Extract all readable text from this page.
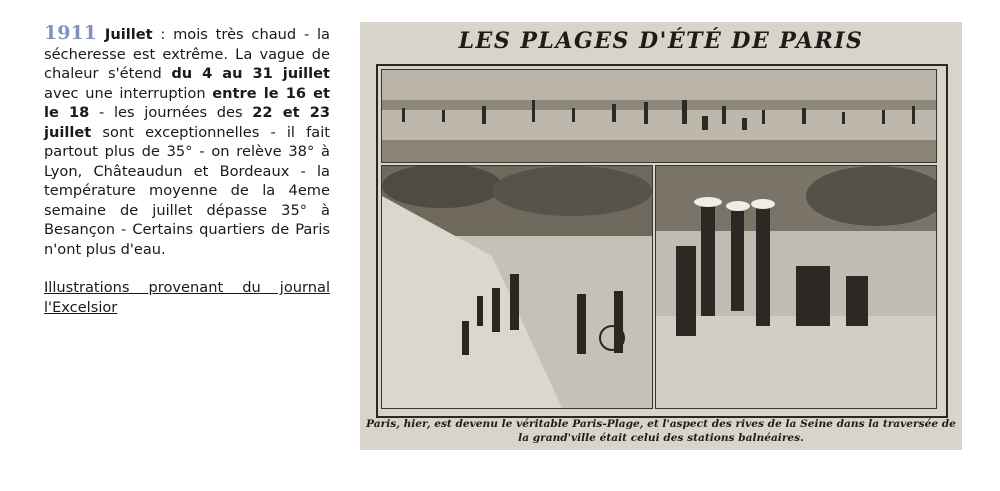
1911 Juillet : mois très chaud - la sécheresse est extrême. La vague de chaleur s'étend du 4 au 31 juillet avec une interruption entre le 16 et le 18 - les journées des 22 et 23 juillet sont exceptionnelles - il fait partout plus de 35° - on relève 38° à Lyon, Châteaudun et Bordeaux - la température moyenne de la 4eme semaine de juillet dépasse 35° à Besançon - Certains quartiers de Paris n'ont plus d'eau.
Illustrations provenant du journal l'Excelsior
LES PLAGES D'ÉTÉ DE PARIS
Paris, hier, est devenu le véritable Paris-Plage, et l'aspect des rives de la Seine dans la traversée de la grand'ville était celui des stations balnéaires.
